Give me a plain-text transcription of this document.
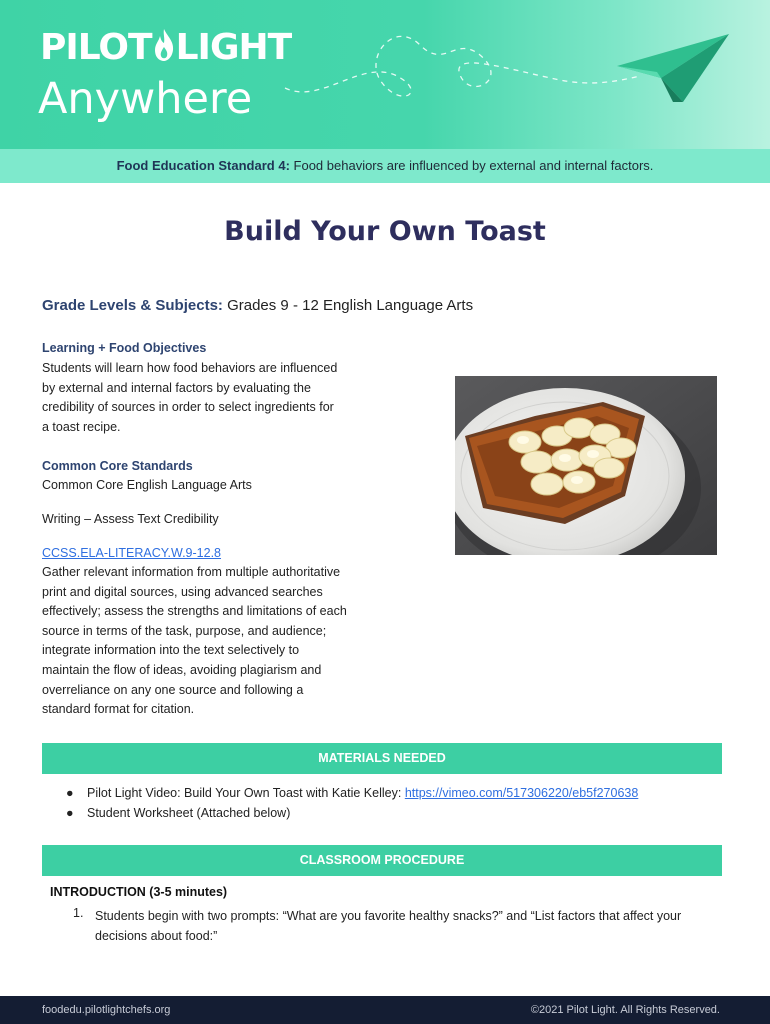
PILOT LIGHT
Anywhere
Food Education Standard 4: Food behaviors are influenced by external and internal factors.
Build Your Own Toast
Grade Levels & Subjects: Grades 9 - 12 English Language Arts
Learning + Food Objectives
Students will learn how food behaviors are influenced
by external and internal factors by evaluating the
credibility of sources in order to select ingredients for
a toast recipe.
Common Core Standards
Common Core English Language Arts
Writing – Assess Text Credibility
CCSS.ELA-LITERACY.W.9-12.8
Gather relevant information from multiple authoritative
print and digital sources, using advanced searches
effectively; assess the strengths and limitations of each
source in terms of the task, purpose, and audience;
integrate information into the text selectively to
maintain the flow of ideas, avoiding plagiarism and
overreliance on any one source and following a
standard format for citation.
MATERIALS NEEDED
● Pilot Light Video: Build Your Own Toast with Katie Kelley: https://vimeo.com/517306220/eb5f270638
● Student Worksheet (Attached below)
CLASSROOM PROCEDURE
INTRODUCTION (3-5 minutes)
1. Students begin with two prompts: “What are you favorite healthy snacks?” and “List factors that affect your decisions about food:”
foodedu.pilotlightchefs.org	©2021 Pilot Light. All Rights Reserved.
